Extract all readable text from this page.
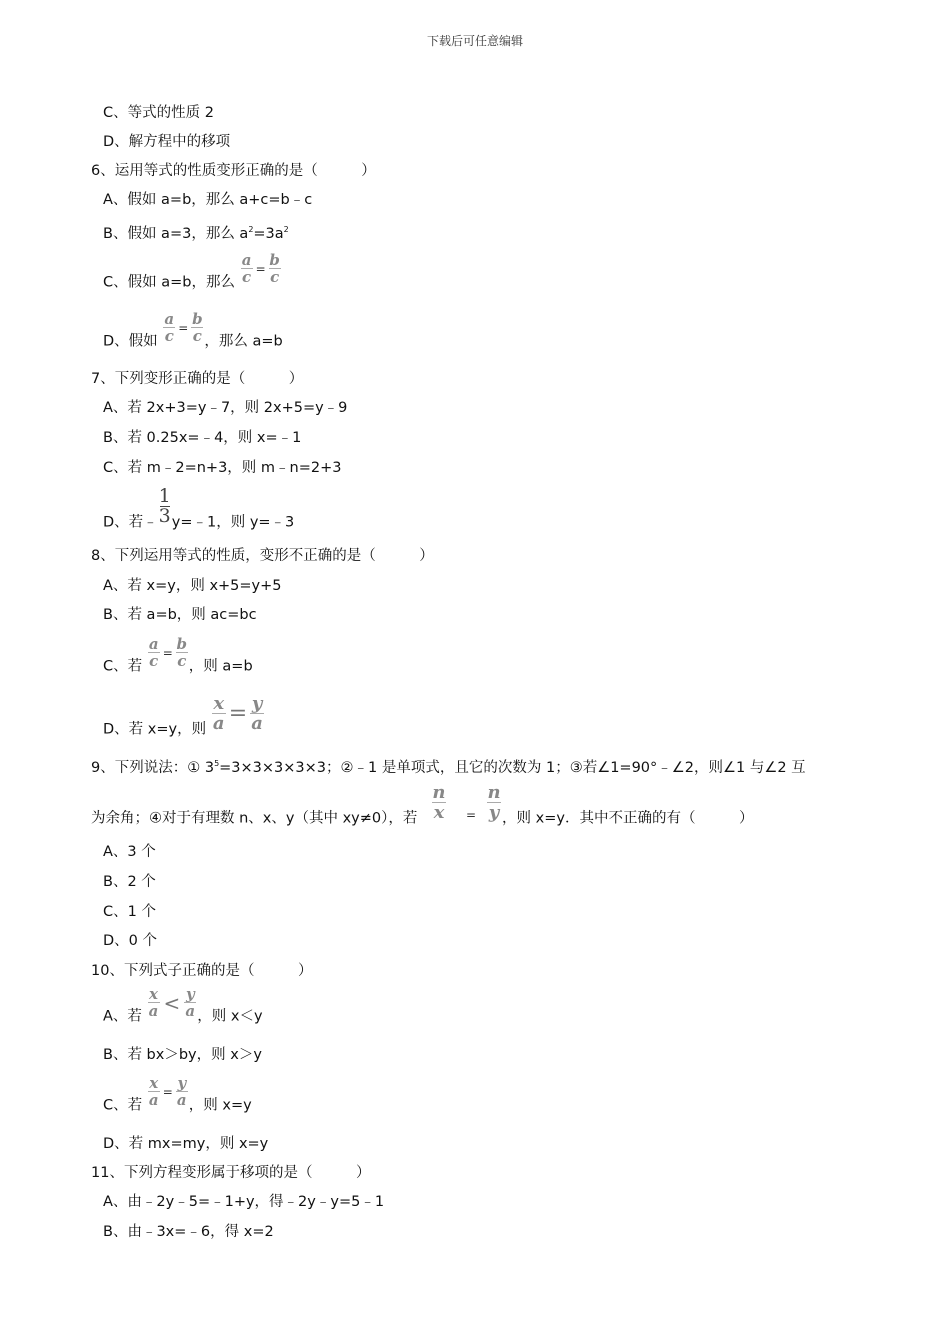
下载后可任意编辑
C、等式的性质 2
D、解方程中的移项
6、运用等式的性质变形正确的是（　　　）
A、假如 a=b，那么 a+c=b﹣c
B、假如 a=3，那么 $a^2=3a^2$
C、假如 a=b，那么 $\frac{a}{c} = \frac{b}{c}$
D、假如 $\frac{a}{c} = \frac{b}{c}$ ，那么 a=b
7、下列变形正确的是（　　　）
A、若 2x+3=y﹣7，则 2x+5=y﹣9
B、若 0.25x=﹣4，则 x=﹣1
C、若 m﹣2=n+3，则 m﹣n=2+3
D、若﹣ $\frac{1}{3}$ y=﹣1，则 y=﹣3
8、下列运用等式的性质，变形不正确的是（　　　）
A、若 x=y，则 x+5=y+5
B、若 a=b，则 ac=bc
C、若 $\frac{a}{c} = \frac{b}{c}$ ，则 a=b
D、若 x=y，则 $\frac{x}{a} = \frac{y}{a}$
9、下列说法：① $3^5=3\times 3\times 3\times 3\times 3$；②﹣1 是单项式，且它的次数为 1；③若∠1=90°﹣∠2，则∠1 与∠2 互
为余角；④对于有理数 n、x、y（其中 xy≠0），若 $\frac{n}{x} _= \frac{n}{y}$ ，则 x=y．其中不正确的有（　　　）
A、3 个
B、2 个
C、1 个
D、0 个
10、下列式子正确的是（　　　）
A、若 $\frac{x}{a} < \frac{y}{a}$ ，则 x＜y
B、若 bx＞by，则 x＞y
C、若 $\frac{x}{a} = \frac{y}{a}$ ，则 x=y
D、若 mx=my，则 x=y
11、下列方程变形属于移项的是（　　　）
A、由﹣2y﹣5=﹣1+y，得﹣2y﹣y=5﹣1
B、由﹣3x=﹣6，得 x=2
